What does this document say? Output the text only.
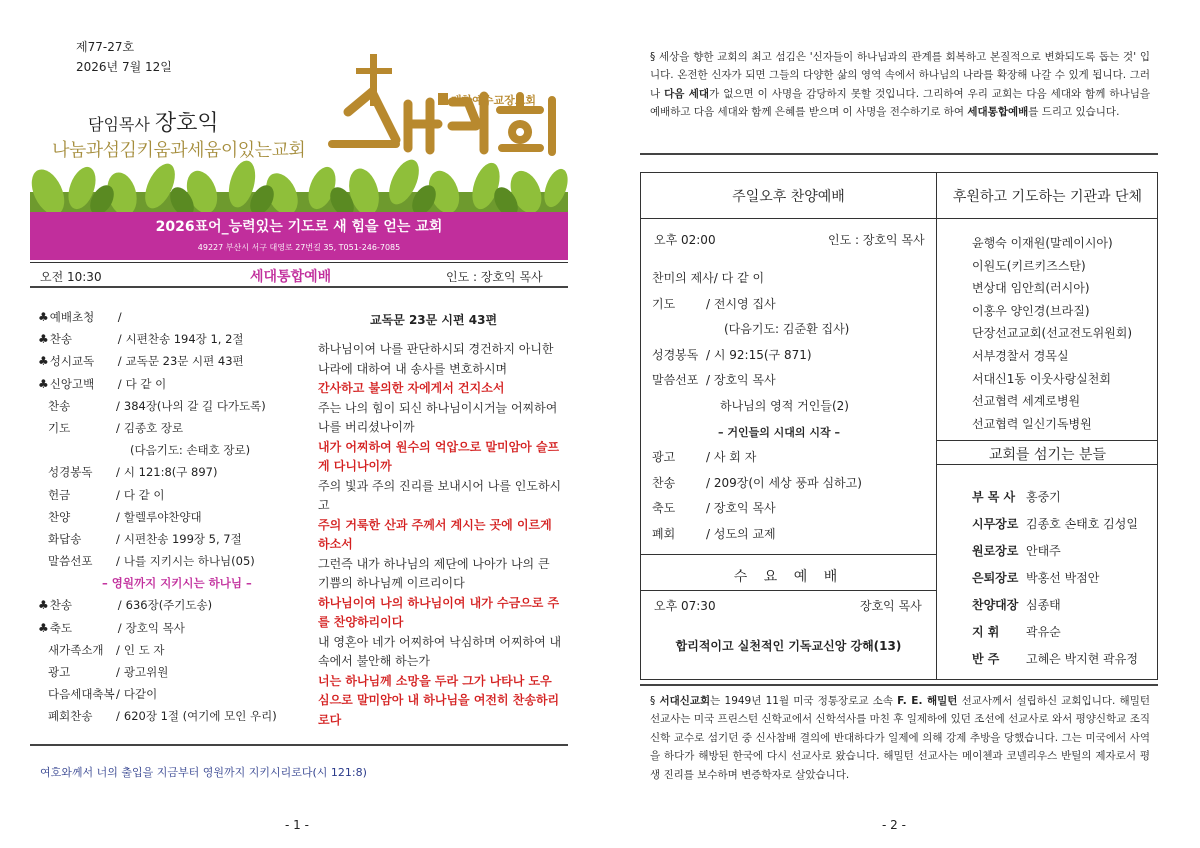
제77-27호
2026년 7월 12일
담임목사 장호익
나눔과섬김키움과세움이있는교회
대한예수교장로회
2026표어_능력있는 기도로 새 힘을 얻는 교회
49227 부산시 서구 대영로 27번길 35, T051-246-7085
오전 10:30	세대통합예배	인도 : 장호익 목사
♣ 예배초청	/
♣ 찬송	/ 시편찬송 194장 1, 2절
♣ 성시교독	/ 교독문 23문 시편 43편
♣ 신앙고백	/ 다 같 이
찬송	/ 384장(나의 갈 길 다가도록)
기도	/ 김종호 장로
(다음기도: 손태호 장로)
성경봉독	/ 시 121:8(구 897)
헌금	/ 다 같 이
찬양	/ 할렐루야찬양대
화답송	/ 시편찬송 199장 5, 7절
말씀선포	/ 나를 지키시는 하나님(05)
– 영원까지 지키시는 하나님 –
♣ 찬송	/ 636장(주기도송)
♣ 축도	/ 장호익 목사
새가족소개	/ 인 도 자
광고	/ 광고위원
다음세대축복 / 다같이
폐회찬송	/ 620장 1절 (여기에 모인 우리)
교독문 23문 시편 43편

하나님이여 나를 판단하시되 경건하지 아니한 나라에 대하여 내 송사를 변호하시며

간사하고 불의한 자에게서 건지소서

주는 나의 힘이 되신 하나님이시거늘 어찌하여 나를 버리셨나이까

내가 어찌하여 원수의 억압으로 말미암아 슬프게 다니나이까

주의 빛과 주의 진리를 보내시어 나를 인도하시고

주의 거룩한 산과 주께서 계시는 곳에 이르게 하소서

그런즉 내가 하나님의 제단에 나아가 나의 큰 기쁨의 하나님께 이르리이다

하나님이여 나의 하나님이여 내가 수금으로 주를 찬양하리이다

내 영혼아 네가 어찌하여 낙심하며 어찌하여 내 속에서 불안해 하는가

너는 하나님께 소망을 두라 그가 나타나 도우심으로 말미암아 내 하나님을 여전히 찬송하리로다

여호와께서 너의 출입을 지금부터 영원까지 지키시리로다(시 121:8)
- 1 -
§ 세상을 향한 교회의 최고 섬김은 '신자들이 하나님과의 관계를 회복하고 본질적으로 변화되도록 돕는 것' 입니다. 온전한 신자가 되면 그들의 다양한 삶의 영역 속에서 하나님의 나라를 확장해 나갈 수 있게 됩니다. 그러나 다음 세대가 없으면 이 사명을 감당하지 못할 것입니다. 그리하여 우리 교회는 다음 세대와 함께 하나님을 예배하고 다음 세대와 함께 은혜를 받으며 이 사명을 전수하기로 하여 세대통합예배를 드리고 있습니다.
주일오후 찬양예배	후원하고 기도하는 기관과 단체
오후 02:00	인도 : 장호익 목사
찬미의 제사/ 다 같 이
기도	/ 전시영 집사
(다음기도: 김준환 집사)
성경봉독 / 시 92:15(구 871)
말씀선포 / 장호익 목사
하나님의 영적 거인들(2)
– 거인들의 시대의 시작 –
광고	/ 사 회 자
찬송	/ 209장(이 세상 풍파 심하고)
축도	/ 장호익 목사
폐회	/ 성도의 교제
수 요 예 배
오후 07:30	장호익 목사
합리적이고 실천적인 기독교신앙 강해(13)
윤행숙 이재원(말레이시아)
이원도(키르키즈스탄)
변상대 임안희(러시아)
이홍우 양인경(브라질)
단장선교교회(선교전도위원회)
서부경찰서 경목실
서대신1동 이웃사랑실천회
선교협력 세계로병원
선교협력 일신기독병원
교회를 섬기는 분들
부 목 사 홍중기
시무장로 김종호 손태호 김성일
원로장로 안태주
은퇴장로 박홍선 박점안
찬양대장 심종태
지 휘 곽유순
반 주 고혜은 박지현 곽유정
§ 서대신교회는 1949년 11월 미국 정통장로교 소속 F. E. 해밀턴 선교사께서 설립하신 교회입니다. 해밀턴 선교사는 미국 프린스턴 신학교에서 신학석사를 마친 후 일제하에 있던 조선에 선교사로 와서 평양신학교 조직신학 교수로 섬기던 중 신사참배 결의에 반대하다가 일제에 의해 강제 추방을 당했습니다. 그는 미국에서 사역을 하다가 해방된 한국에 다시 선교사로 왔습니다. 해밀턴 선교사는 메이첸과 코넬리우스 반틸의 제자로서 평생 진리를 보수하며 변증학자로 살았습니다.
- 2 -
